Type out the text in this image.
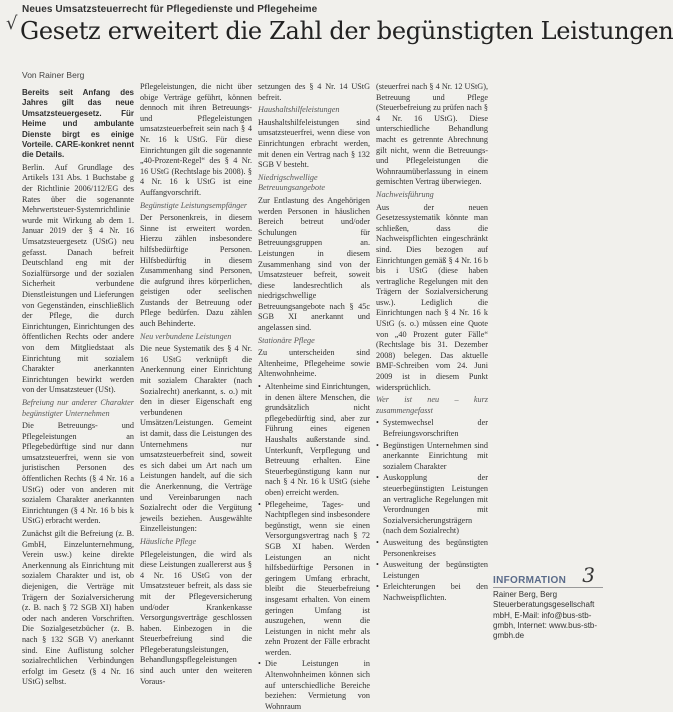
Neues Umsatzsteuerrecht für Pflegedienste und Pflegeheime
√ Gesetz erweitert die Zahl der begünstigten Leistungen
Von Rainer Berg

Bereits seit Anfang des Jahres gilt das neue Umsatzsteuergesetz. Für Heime und ambulante Dienste birgt es einige Vorteile. CARE-konkret nennt die Details.

Berlin. Auf Grundlage des Artikels 131 Abs. 1 Buchstabe g der Richtlinie 2006/112/EG des Rates über die sogenannte Mehrwertsteuer-Systemrichtlinie wurde mit Wirkung ab dem 1. Januar 2019 der § 4 Nr. 16 Umsatzsteuergesetz (UStG) neu gefasst. Danach befreit Deutschland eng mit der Sozialfürsorge und der sozialen Sicherheit verbundene Dienstleistungen und Lieferungen von Gegenständen, einschließlich der Pflege, die durch Einrichtungen, Einrichtungen des öffentlichen Rechts oder andere von dem Mitgliedstaat als Einrichtung mit sozialem Charakter anerkannten Einrichtungen bewirkt werden von der Umsatzsteuer (USt).

Befreiung nur anderer Charakter begünstigter Unternehmen

Die Betreuungs- und Pflegeleistungen an Pflegebedürftige sind nur dann umsatzsteuerfrei, wenn sie von juristischen Personen des öffentlichen Rechts (§ 4 Nr. 16 a UStG) oder von anderen mit sozialem Charakter anerkannten Einrichtungen (§ 4 Nr. 16 b bis k UStG) erbracht werden.

Zunächst gilt die Befreiung (z. B. GmbH, Einzelunternehmung, Verein usw.) keine direkte Anerkennung als Einrichtung mit sozialem Charakter und ist, ob diejenigen, die Verträge mit Trägern der Sozialversicherung (z. B. nach § 72 SGB XI) haben oder nach anderen Vorschriften. Die Sozialgesetzbücher (z. B. nach § 132 SGB V) anerkannt sind. Eine Auflistung solcher sozialrechtlichen Verbindungen erfolgt im Gesetz (§ 4 Nr. 16 UStG) selbst.

Pflegeleistungen, die nicht über obige Verträge geführt, können dennoch mit ihren Betreuungs- und Pflegeleistungen umsatzsteuerbefreit sein nach § 4 Nr. 16 k UStG. Für diese Einrichtungen gilt die sogenannte „40-Prozent-Regel“ des § 4 Nr. 16 UStG (Rechtslage bis 2008). § 4 Nr. 16 k UStG ist eine Auffangvorschrift.

Begünstigte Leistungsempfänger

Der Personenkreis, in diesem Sinne ist erweitert worden. Hierzu zählen insbesondere hilfsbedürftige Personen. Hilfsbedürftig in diesem Zusammenhang sind Personen, die aufgrund ihres körperlichen, geistigen oder seelischen Zustands der Betreuung oder Pflege bedürfen. Dazu zählen auch Behinderte.

Neu verbundene Leistungen

Die neue Systematik des § 4 Nr. 16 UStG verknüpft die Anerkennung einer Einrichtung mit sozialem Charakter (nach Sozialrecht) anerkannt, s. o.) mit den in dieser Eigenschaft eng verbundenen Umsätzen/Leistungen. Gemeint ist damit, dass die Leistungen des Unternehmens nur umsatzsteuerbefreit sind, soweit es sich dabei um Art nach um Leistungen handelt, auf die sich die Anerkennung, die Verträge und Vereinbarungen nach Sozialrecht oder die Vergütung jeweils beziehen. Ausgewählte Einzelleistungen:

Häusliche Pflege

Pflegeleistungen, die wird als diese Leistungen zuallererst aus § 4 Nr. 16 UStG von der Umsatzsteuer befreit, als dass sie mit der Pflegeversicherung und/oder Krankenkasse Versorgungsverträge geschlossen haben. Einbezogen in die Steuerbefreiung sind die Pflegeberatungsleistungen, Behandlungspflegeleistungen sind auch unter den weiteren Voraus-

setzungen des § 4 Nr. 14 UStG befreit.

Haushaltshilfeleistungen

Haushaltshilfeleistungen sind umsatzsteuerfrei, wenn diese von Einrichtungen erbracht werden, mit denen ein Vertrag nach § 132 SGB V besteht.

Niedrigschwellige Betreuungsangebote

Zur Entlastung des Angehörigen werden Personen in häuslichen Bereich betreut und/oder Schulungen für Betreuungsgruppen an. Leistungen in diesem Zusammenhang sind von der Umsatzsteuer befreit, soweit diese landesrechtlich als niedrigschwellige Betreuungsangebote nach § 45c SGB XI anerkannt und angelassen sind.

Stationäre Pflege

Zu unterscheiden sind Altenheime, Pflegeheime sowie Altenwohnheime.

• Altenheime sind Einrichtungen, in denen ältere Menschen, die grundsätzlich nicht pflegebedürftig sind, aber zur Führung eines eigenen Haushalts außerstande sind. Unterkunft, Verpflegung und Betreuung erhalten. Eine Steuerbegünstigung kann nur nach § 4 Nr. 16 k UStG (siehe oben) erreicht werden.
• Pflegeheime, Tages- und Nachtpflegen sind insbesondere begünstigt, wenn sie einen Versorgungsvertrag nach § 72 SGB XI haben. Werden Leistungen an nicht hilfsbedürftige Personen in geringem Umfang erbracht, bleibt die Steuerbefreiung insgesamt erhalten. Von einem geringen Umfang ist auszugehen, wenn die Leistungen in nicht mehr als zehn Prozent der Fälle erbracht werden.
• Die Leistungen in Altenwohnheimen können sich auf unterschiedliche Bereiche beziehen: Vermietung von Wohnraum

(steuerfrei nach § 4 Nr. 12 UStG), Betreuung und Pflege (Steuerbefreiung zu prüfen nach § 4 Nr. 16 UStG). Diese unterschiedliche Behandlung macht es getrennte Abrechnung gilt nicht, wenn die Betreuungs- und Pflegeleistungen die Wohnraumüberlassung in einem gemischten Vertrag überwiegen.

Nachweisführung

Aus der neuen Gesetzessystematik könnte man schließen, dass die Nachweispflichten eingeschränkt sind. Dies bezogen auf Einrichtungen gemäß § 4 Nr. 16 b bis i UStG (diese haben vertragliche Regelungen mit den Trägern der Sozialversicherung usw.). Lediglich die Einrichtungen nach § 4 Nr. 16 k UStG (s. o.) müssen eine Quote von „40 Prozent guter Fälle“ (Rechtslage bis 31. Dezember 2008) belegen. Das aktuelle BMF-Schreiben vom 24. Juni 2009 ist in diesem Punkt widersprüchlich.

Wer ist neu – kurz zusammengefasst

• Systemwechsel der Befreiungsvorschriften
• Begünstigen Unternehmen sind anerkannte Einrichtung mit sozialem Charakter
• Auskopplung der steuerbegünstigten Leistungen an vertragliche Regelungen mit Verordnungen mit Sozialversicherungsträgern (nach dem Sozialrecht)
• Ausweitung des begünstigten Personenkreises
• Ausweitung der begünstigten Leistungen
• Erleichterungen bei den Nachweispflichten.
3
INFORMATION
Rainer Berg, Berg Steuerberatungsgesellschaft mbH, E-Mail: info@bus-stb-gmbh, Internet: www.bus-stb-gmbh.de
